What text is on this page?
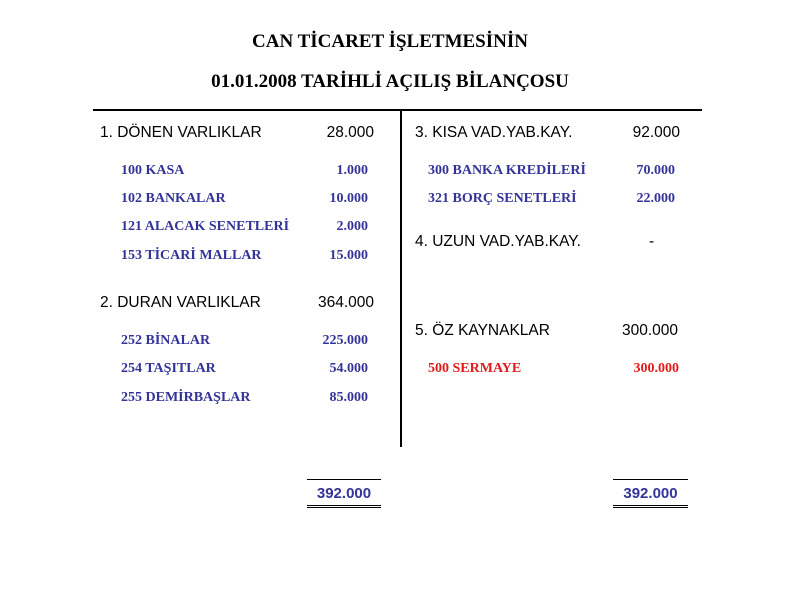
CAN TİCARET İŞLETMESİNİN
01.01.2008 TARİHLİ AÇILIŞ BİLANÇOSU
1. DÖNEN VARLIKLAR	28.000
100 KASA	1.000
102 BANKALAR	10.000
121 ALACAK SENETLERİ	2.000
153 TİCARİ MALLAR	15.000
2. DURAN VARLIKLAR	364.000
252 BİNALAR	225.000
254 TAŞITLAR	54.000
255 DEMİRBAŞLAR	85.000
392.000
3. KISA VAD.YAB.KAY.	92.000
300 BANKA KREDİLERİ	70.000
321 BORÇ SENETLERİ	22.000
4. UZUN VAD.YAB.KAY.	-
5. ÖZ KAYNAKLAR	300.000
500 SERMAYE	300.000
392.000
